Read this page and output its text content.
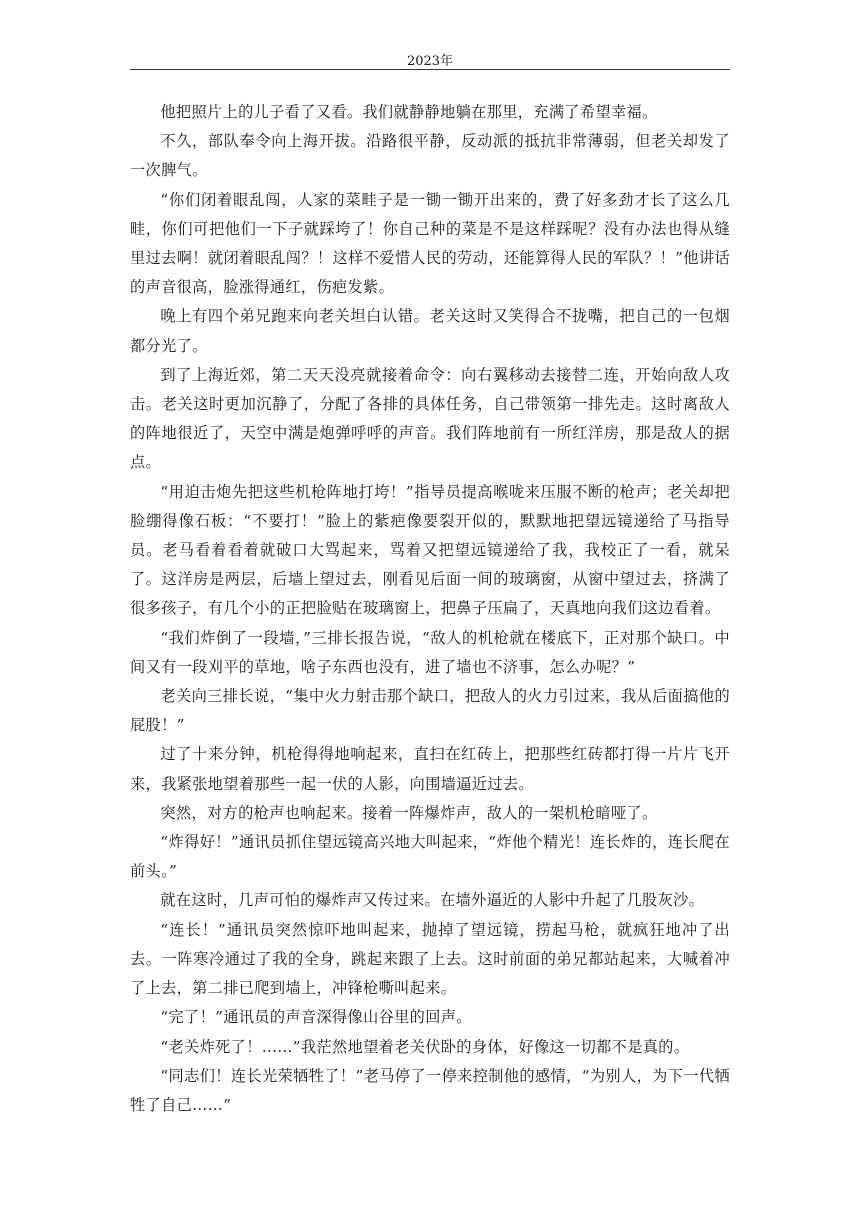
2023年

他把照片上的儿子看了又看。我们就静静地躺在那里，充满了希望幸福。

不久，部队奉令向上海开拔。沿路很平静，反动派的抵抗非常薄弱，但老关却发了一次脾气。

“你们闭着眼乱闯，人家的菜畦子是一锄一锄开出来的，费了好多劲才长了这么几畦，你们可把他们一下子就踩垮了！你自己种的菜是不是这样踩呢？没有办法也得从缝里过去啊！就闭着眼乱闯？！这样不爱惜人民的劳动，还能算得人民的军队？！”他讲话的声音很高，脸涨得通红，伤疤发紫。

晚上有四个弟兄跑来向老关坦白认错。老关这时又笑得合不拢嘴，把自己的一包烟都分光了。

到了上海近郊，第二天天没亮就接着命令：向右翼移动去接替二连，开始向敌人攻击。老关这时更加沉静了，分配了各排的具体任务，自己带领第一排先走。这时离敌人的阵地很近了，天空中满是炮弹呼呼的声音。我们阵地前有一所红洋房，那是敌人的据点。

“用迫击炮先把这些机枪阵地打垮！”指导员提高喉咙来压服不断的枪声；老关却把脸绷得像石板：“不要打！”脸上的紫疤像要裂开似的，默默地把望远镜递给了马指导员。老马看着看着就破口大骂起来，骂着又把望远镜递给了我，我校正了一看，就呆了。这洋房是两层，后墙上望过去，刚看见后面一间的玻璃窗，从窗中望过去，挤满了很多孩子，有几个小的正把脸贴在玻璃窗上，把鼻子压扁了，天真地向我们这边看着。

“我们炸倒了一段墙，”三排长报告说，“敌人的机枪就在楼底下，正对那个缺口。中间又有一段刈平的草地，啥子东西也没有，进了墙也不济事，怎么办呢？”

老关向三排长说，“集中火力射击那个缺口，把敌人的火力引过来，我从后面搞他的屁股！”

过了十来分钟，机枪得得地响起来，直扫在红砖上，把那些红砖都打得一片片飞开来，我紧张地望着那些一起一伏的人影，向围墙逼近过去。

突然，对方的枪声也响起来。接着一阵爆炸声，敌人的一架机枪暗哑了。

“炸得好！”通讯员抓住望远镜高兴地大叫起来，“炸他个精光！连长炸的，连长爬在前头。”

就在这时，几声可怕的爆炸声又传过来。在墙外逼近的人影中升起了几股灰沙。

“连长！”通讯员突然惊吓地叫起来，抛掉了望远镜，捞起马枪，就疯狂地冲了出去。一阵寒冷通过了我的全身，跳起来跟了上去。这时前面的弟兄都站起来，大喊着冲了上去，第二排已爬到墙上，冲锋枪嘶叫起来。

“完了！”通讯员的声音深得像山谷里的回声。

“老关炸死了！……”我茫然地望着老关伏卧的身体，好像这一切都不是真的。

“同志们！连长光荣牺牲了！”老马停了一停来控制他的感情，“为别人，为下一代牺牲了自己……”
